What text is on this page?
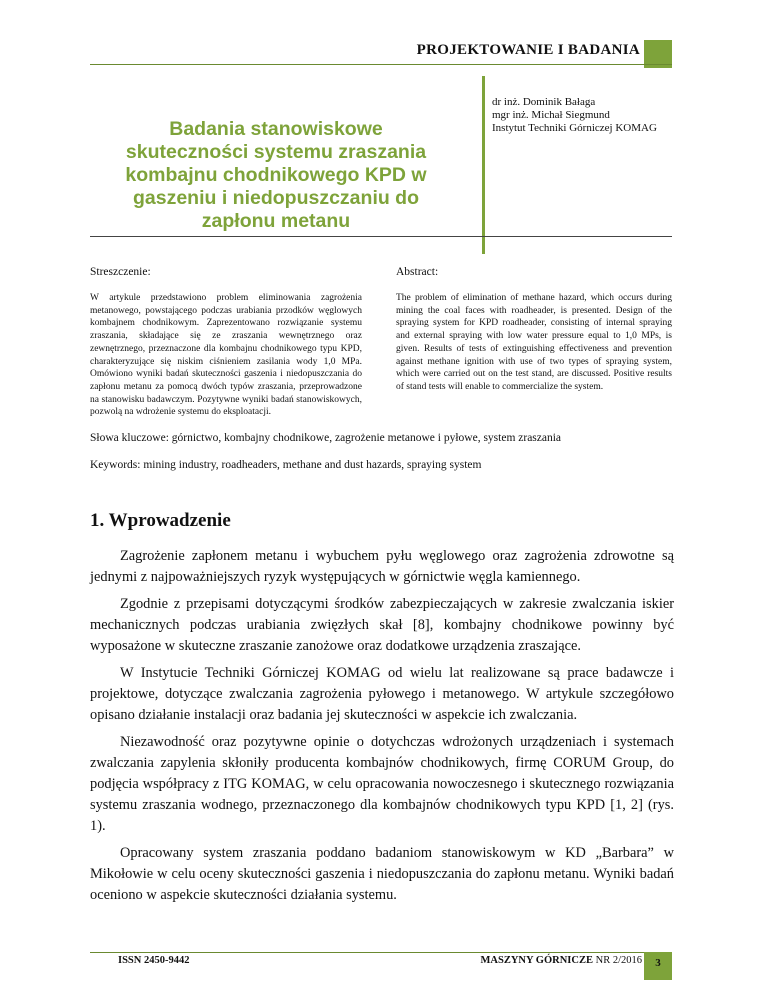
PROJEKTOWANIE I BADANIA
Badania stanowiskowe skuteczności systemu zraszania kombajnu chodnikowego KPD w gaszeniu i niedopuszczaniu do zapłonu metanu
dr inż. Dominik Bałaga
mgr inż. Michał Siegmund
Instytut Techniki Górniczej KOMAG
Streszczenie:
W artykule przedstawiono problem eliminowania zagrożenia metanowego, powstającego podczas urabiania przodków węglowych kombajnem chodnikowym. Zaprezentowano rozwiązanie systemu zraszania, składające się ze zraszania wewnętrznego oraz zewnętrznego, przeznaczone dla kombajnu chodnikowego typu KPD, charakteryzujące się niskim ciśnieniem zasilania wody 1,0 MPa. Omówiono wyniki badań skuteczności gaszenia i niedopuszczania do zapłonu metanu za pomocą dwóch typów zraszania, przeprowadzone na stanowisku badawczym. Pozytywne wyniki badań stanowiskowych, pozwolą na wdrożenie systemu do eksploatacji.
Abstract:
The problem of elimination of methane hazard, which occurs during mining the coal faces with roadheader, is presented. Design of the spraying system for KPD roadheader, consisting of internal spraying and external spraying with low water pressure equal to 1,0 MPs, is given. Results of tests of extinguishing effectiveness and prevention against methane ignition with use of two types of spraying system, which were carried out on the test stand, are discussed. Positive results of stand tests will enable to commercialize the system.
Słowa kluczowe: górnictwo, kombajny chodnikowe, zagrożenie metanowe i pyłowe, system zraszania
Keywords: mining industry, roadheaders, methane and dust hazards, spraying system
1. Wprowadzenie

Zagrożenie zapłonem metanu i wybuchem pyłu węglowego oraz zagrożenia zdrowotne są jednymi z najpoważniejszych ryzyk występujących w górnictwie węgla kamiennego.

Zgodnie z przepisami dotyczącymi środków zabezpieczających w zakresie zwalczania iskier mechanicznych podczas urabiania zwięzłych skał [8], kombajny chodnikowe powinny być wyposażone w skuteczne zraszanie zanożowe oraz dodatkowe urządzenia zraszające.

W Instytucie Techniki Górniczej KOMAG od wielu lat realizowane są prace badawcze i projektowe, dotyczące zwalczania zagrożenia pyłowego i metanowego. W artykule szczegółowo opisano działanie instalacji oraz badania jej skuteczności w aspekcie ich zwalczania.

Niezawodność oraz pozytywne opinie o dotychczas wdrożonych urządzeniach i systemach zwalczania zapylenia skłoniły producenta kombajnów chodnikowych, firmę CORUM Group, do podjęcia współpracy z ITG KOMAG, w celu opracowania nowoczesnego i skutecznego rozwiązania systemu zraszania wodnego, przeznaczonego dla kombajnów chodnikowych typu KPD [1, 2] (rys. 1).

Opracowany system zraszania poddano badaniom stanowiskowym w KD „Barbara” w Mikołowie w celu oceny skuteczności gaszenia i niedopuszczania do zapłonu metanu. Wyniki badań oceniono w aspekcie skuteczności działania systemu.

ISSN 2450-9442	MASZYNY GÓRNICZE NR 2/2016	3
